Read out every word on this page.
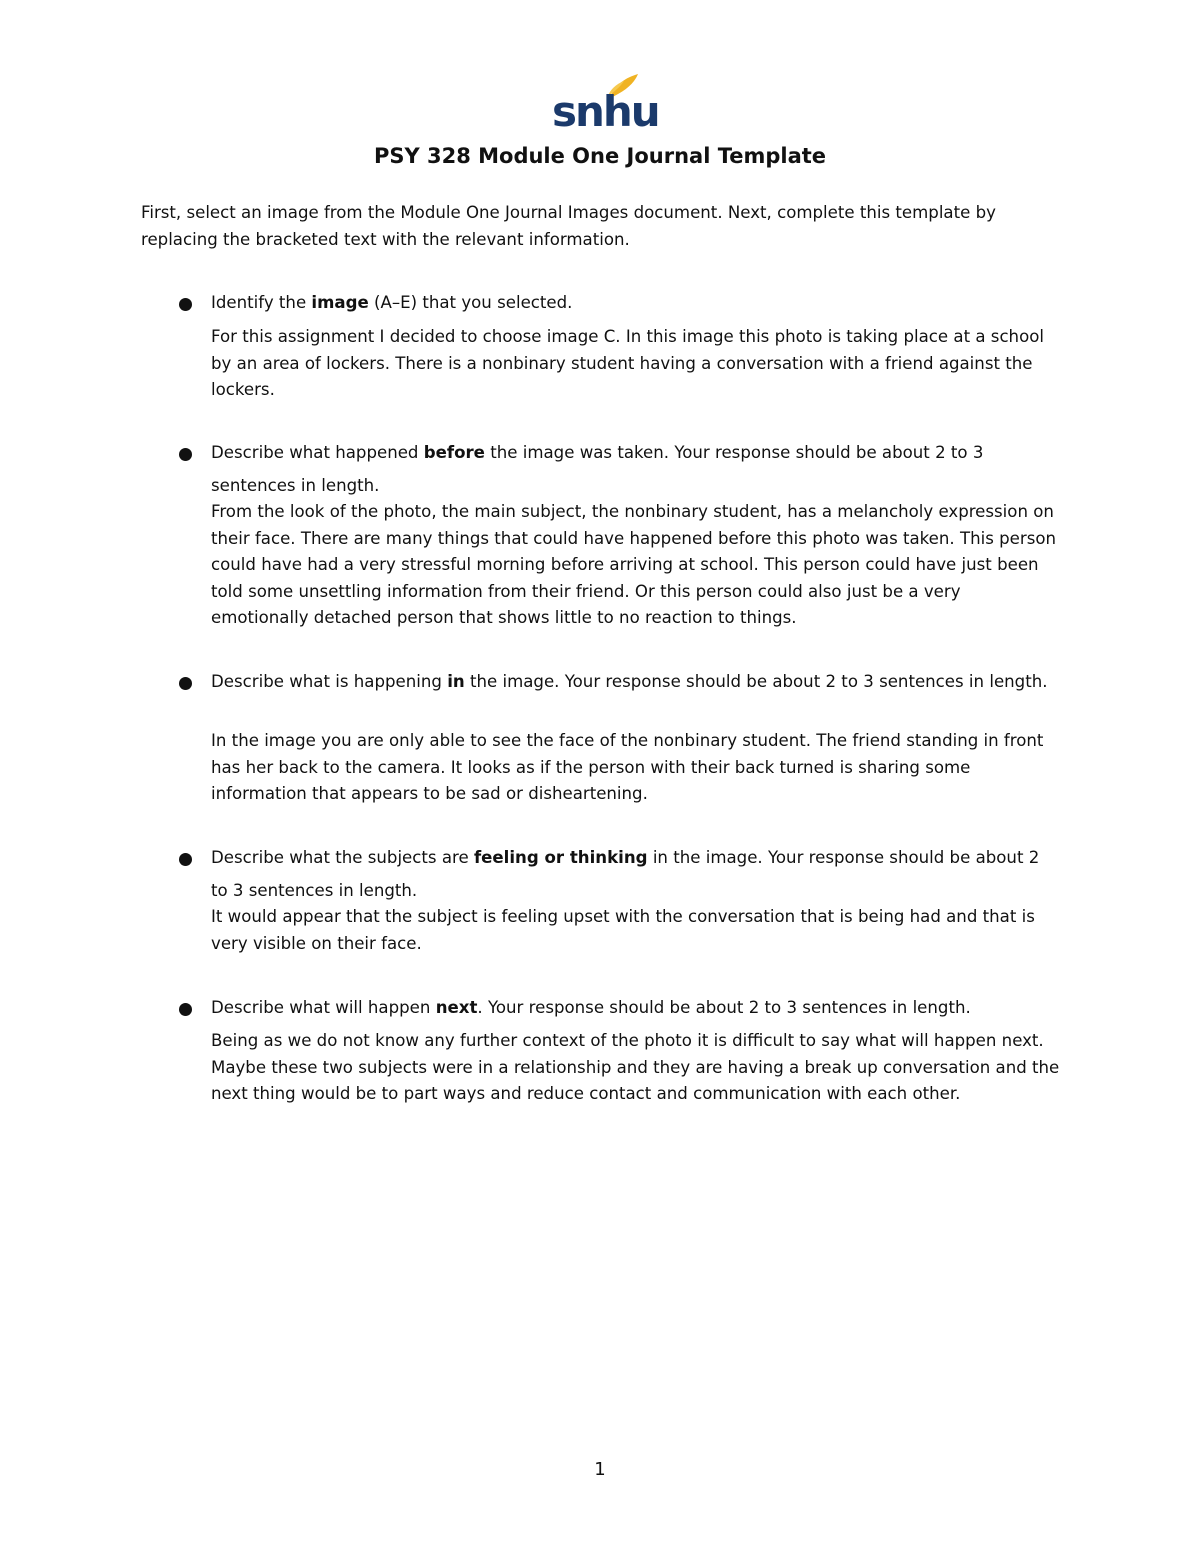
snhu
PSY 328 Module One Journal Template
First, select an image from the Module One Journal Images document. Next, complete this template by replacing the bracketed text with the relevant information.
Identify the image (A–E) that you selected.
For this assignment I decided to choose image C. In this image this photo is taking place at a school by an area of lockers. There is a nonbinary student having a conversation with a friend against the lockers.
Describe what happened before the image was taken. Your response should be about 2 to 3 sentences in length.
From the look of the photo, the main subject, the nonbinary student, has a melancholy expression on their face. There are many things that could have happened before this photo was taken. This person could have had a very stressful morning before arriving at school. This person could have just been told some unsettling information from their friend. Or this person could also just be a very emotionally detached person that shows little to no reaction to things.
Describe what is happening in the image. Your response should be about 2 to 3 sentences in length.
In the image you are only able to see the face of the nonbinary student. The friend standing in front has her back to the camera. It looks as if the person with their back turned is sharing some information that appears to be sad or disheartening.
Describe what the subjects are feeling or thinking in the image. Your response should be about 2 to 3 sentences in length.
It would appear that the subject is feeling upset with the conversation that is being had and that is very visible on their face.
Describe what will happen next. Your response should be about 2 to 3 sentences in length.
Being as we do not know any further context of the photo it is difficult to say what will happen next. Maybe these two subjects were in a relationship and they are having a break up conversation and the next thing would be to part ways and reduce contact and communication with each other.
1
